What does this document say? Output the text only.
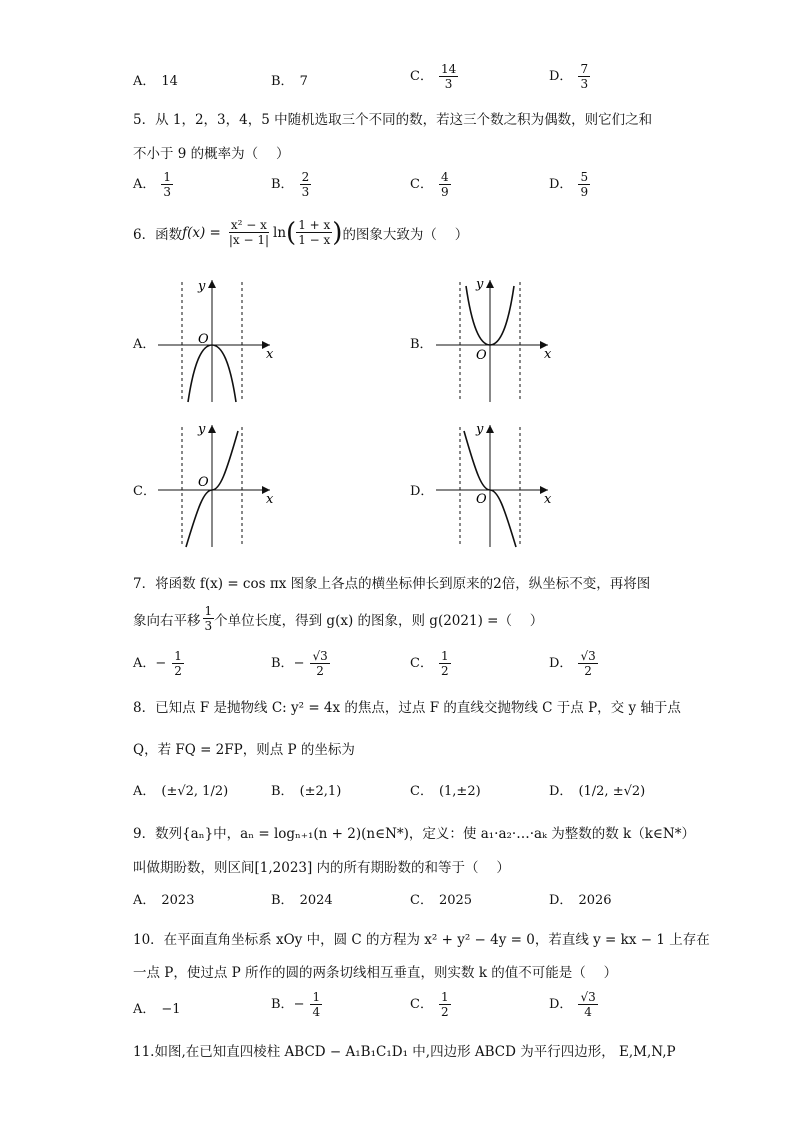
A． 14	B． 7	C． $\frac{14}{3}$	D． $\frac{7}{3}$
5．从 1，2，3，4，5 中随机选取三个不同的数，若这三个数之积为偶数，则它们之和
不小于 9 的概率为（　 ）
A． $\frac{1}{3}$	B． $\frac{2}{3}$	C． $\frac{4}{9}$	D． $\frac{5}{9}$
6．函数 $f(x) = \frac{\text{x² − x}}{|x - 1|}$ ln ( $\frac{1 + x}{1 - x}$ ) 的图象大致为（　 ）
A．	B．
C．	D．
y
x
O
y
x
O
y
x
O
y
x
O
7．将函数 f(x) = cos πx 图象上各点的横坐标伸长到原来的2倍，纵坐标不变，再将图
象向右平移 $\frac{1}{3}$ 个单位长度，得到 g(x) 的图象，则 g(2021) =（　 ）
A．− $\frac{1}{2}$	B．− $\frac{√3}{2}$	C． $\frac{1}{2}$	D． $\frac{√3}{2}$
8．已知点 F 是抛物线 C: y² = 4x 的焦点，过点 F 的直线交抛物线 C 于点 P，交 y 轴于点
Q，若 FQ = 2FP，则点 P 的坐标为
A． (±√2, 1/2)	B． (±2,1)	C． (1,±2)	D． (1/2, ±√2)
9．数列{aₙ}中，aₙ = logₙ₊₁(n + 2)(n∈N*)，定义：使 a₁·a₂·…·aₖ 为整数的数 k（k∈N*）
叫做期盼数，则区间[1,2023] 内的所有期盼数的和等于（　 ）
A． 2023	B． 2024	C． 2025	D． 2026
10．在平面直角坐标系 xOy 中，圆 C 的方程为 x² + y² − 4y = 0，若直线 y = kx − 1 上存在
一点 P，使过点 P 所作的圆的两条切线相互垂直，则实数 k 的值不可能是（　 ）
A． −1	B．− $\frac{1}{4}$	C． $\frac{1}{2}$	D． $\frac{√3}{4}$
11.如图,在已知直四棱柱 ABCD − A₁B₁C₁D₁ 中,四边形 ABCD 为平行四边形， E,M,N,P
